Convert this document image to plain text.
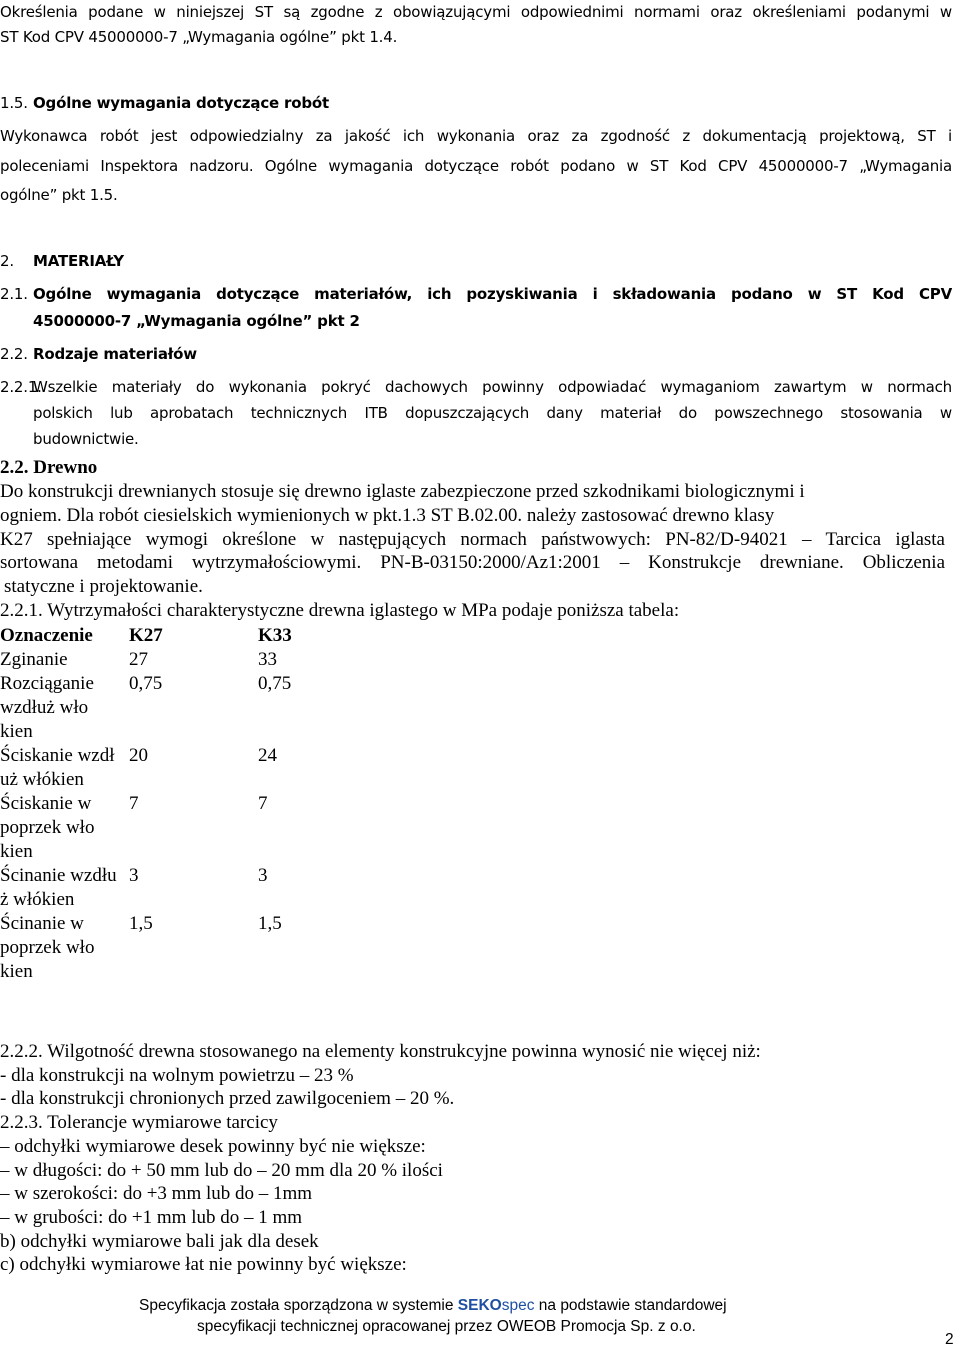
Określenia podane w niniejszej ST są zgodne z obowiązującymi odpowiednimi normami oraz określeniami podanymi w
ST Kod CPV 45000000-7 „Wymagania ogólne” pkt 1.4.
1.5. Ogólne wymagania dotyczące robót
Wykonawca robót jest odpowiedzialny za jakość ich wykonania oraz za zgodność z dokumentacją projektową, ST i
poleceniami Inspektora nadzoru. Ogólne wymagania dotyczące robót podano w ST Kod CPV 45000000-7 „Wymagania
ogólne” pkt 1.5.
2. MATERIAŁY
2.1. Ogólne wymagania dotyczące materiałów, ich pozyskiwania i składowania podano w ST Kod CPV
45000000-7 „Wymagania ogólne” pkt 2
2.2. Rodzaje materiałów
2.2.1.
Wszelkie materiały do wykonania pokryć dachowych powinny odpowiadać wymaganiom zawartym w normach
polskich lub aprobatach technicznych ITB dopuszczających dany materiał do powszechnego stosowania w
budownictwie.
2.2. Drewno
Do konstrukcji drewnianych stosuje się drewno iglaste zabezpieczone przed szkodnikami biologicznymi i
ogniem. Dla robót ciesielskich wymienionych w pkt.1.3 ST B.02.00. należy zastosować drewno klasy
K27 spełniające wymogi określone w następujących normach państwowych: PN-82/D-94021 – Tarcica iglasta
sortowana metodami wytrzymałościowymi. PN-B-03150:2000/Az1:2001 – Konstrukcje drewniane. Obliczenia
statyczne i projektowanie.
2.2.1. Wytrzymałości charakterystyczne drewna iglastego w MPa podaje poniższa tabela:
Oznaczenie	K27	K33
Zginanie	27	33
Rozciąganie
wzdłuż wło
kien
0,75	0,75
Ściskanie wzdł
uż włókien
20	24
Ściskanie w
poprzek wło
kien
7	7
Ścinanie wzdłu
ż włókien
3	3
Ścinanie w
poprzek wło
kien
1,5	1,5
2.2.2. Wilgotność drewna stosowanego na elementy konstrukcyjne powinna wynosić nie więcej niż:
- dla konstrukcji na wolnym powietrzu – 23 %
- dla konstrukcji chronionych przed zawilgoceniem – 20 %.
2.2.3. Tolerancje wymiarowe tarcicy
– odchyłki wymiarowe desek powinny być nie większe:
– w długości: do + 50 mm lub do – 20 mm dla 20 % ilości
– w szerokości: do +3 mm lub do – 1mm
– w grubości: do +1 mm lub do – 1 mm
b) odchyłki wymiarowe bali jak dla desek
c) odchyłki wymiarowe łat nie powinny być większe:
Specyfikacja została sporządzona w systemie SEKOspec na podstawie standardowej
specyfikacji technicznej opracowanej przez OWEOB Promocja Sp. z o.o.
2
